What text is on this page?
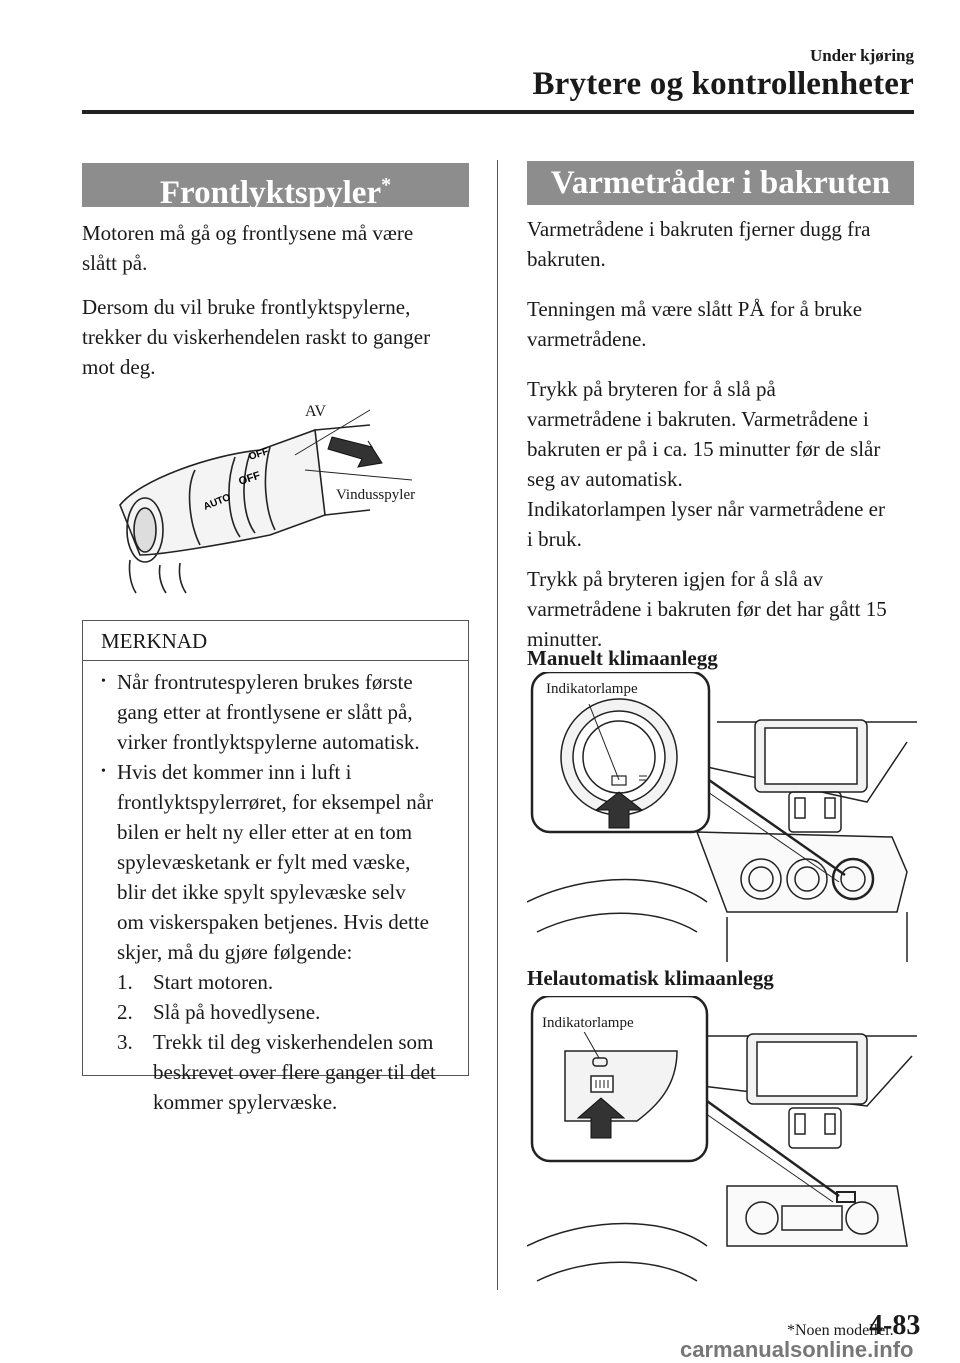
Under kjøring
Brytere og kontrollenheter
Frontlyktspyler*
Motoren må gå og frontlysene må være
slått på.
Dersom du vil bruke frontlyktspylerne,
trekker du viskerhendelen raskt to ganger
mot deg.
OFF
AUTO
OFF
AV
Vindusspyler
MERKNAD
• Når frontrutespyleren brukes første
gang etter at frontlysene er slått på,
virker frontlyktspylerne automatisk.
• Hvis det kommer inn i luft i
frontlyktspylerrøret, for eksempel når
bilen er helt ny eller etter at en tom
spylevæsketank er fylt med væske,
blir det ikke spylt spylevæske selv
om viskerspaken betjenes. Hvis dette
skjer, må du gjøre følgende:
1. Start motoren.
2. Slå på hovedlysene.
3. Trekk til deg viskerhendelen som
beskrevet over flere ganger til det
kommer spylervæske.
Varmetråder i bakruten
Varmetrådene i bakruten fjerner dugg fra
bakruten.
Tenningen må være slått PÅ for å bruke
varmetrådene.
Trykk på bryteren for å slå på
varmetrådene i bakruten. Varmetrådene i
bakruten er på i ca. 15 minutter før de slår
seg av automatisk.
Indikatorlampen lyser når varmetrådene er
i bruk.
Trykk på bryteren igjen for å slå av
varmetrådene i bakruten før det har gått 15
minutter.
Manuelt klimaanlegg
Indikatorlampe
Helautomatisk klimaanlegg
Indikatorlampe
*Noen modeller.
4-83
carmanualsonline.info
